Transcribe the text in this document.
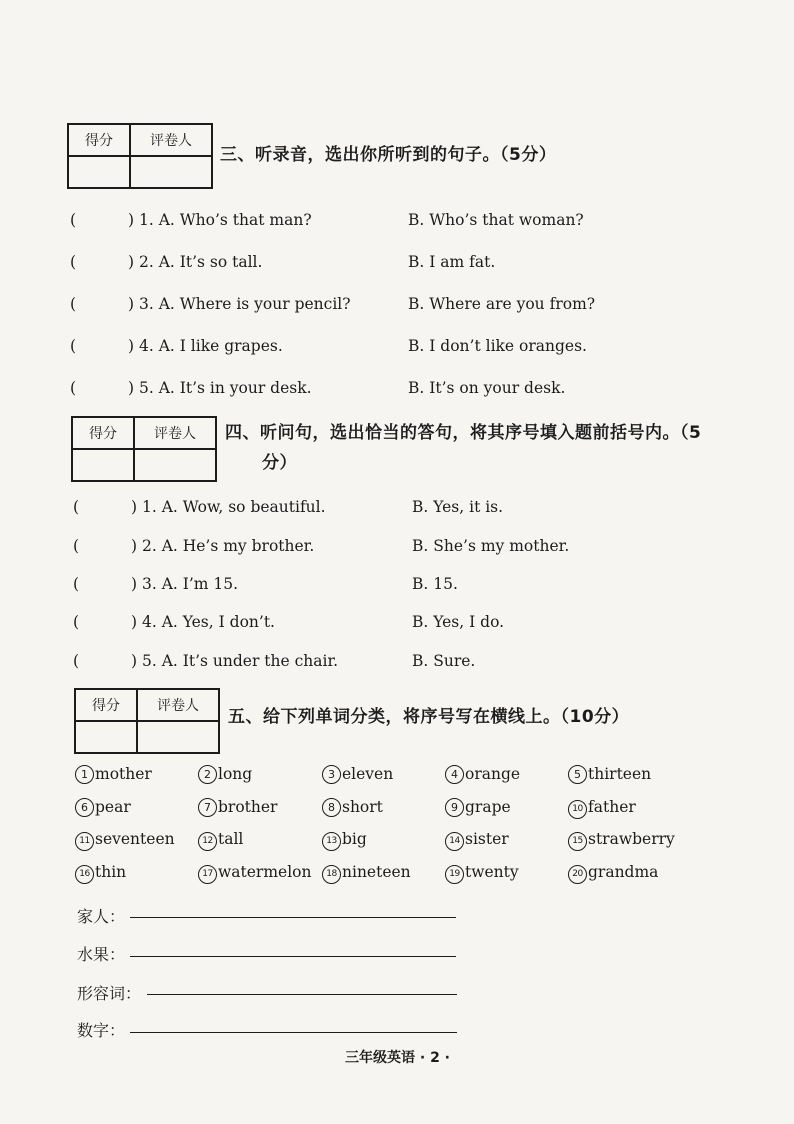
得分	评卷人

三、听录音，选出你所听到的句子。（5分）
(	) 1. A. Who’s that man?	B. Who’s that woman?
(	) 2. A. It’s so tall.	B. I am fat.
(	) 3. A. Where is your pencil?	B. Where are you from?
(	) 4. A. I like grapes.	B. I don’t like oranges.
(	) 5. A. It’s in your desk.	B. It’s on your desk.
得分	评卷人
	四、听问句，选出恰当的答句，将其序号填入题前括号内。（5
分）
(	) 1. A. Wow, so beautiful.	B. Yes, it is.
(	) 2. A. He’s my brother.	B. She’s my mother.
(	) 3. A. I’m 15.	B. 15.
(	) 4. A. Yes, I don’t.	B. Yes, I do.
(	) 5. A. It’s under the chair.	B. Sure.
得分	评卷人

五、给下列单词分类，将序号写在横线上。（10分）
1 mother	2 long	3 eleven	4 orange	5 thirteen
6 pear	7 brother	8 short	9 grape	10 father
11 seventeen	12 tall	13 big	14 sister	15 strawberry
16 thin	17 watermelon	18 nineteen	19 twenty	20 grandma
家人：
水果：
形容词：
数字：
三年级英语 · 2 ·
